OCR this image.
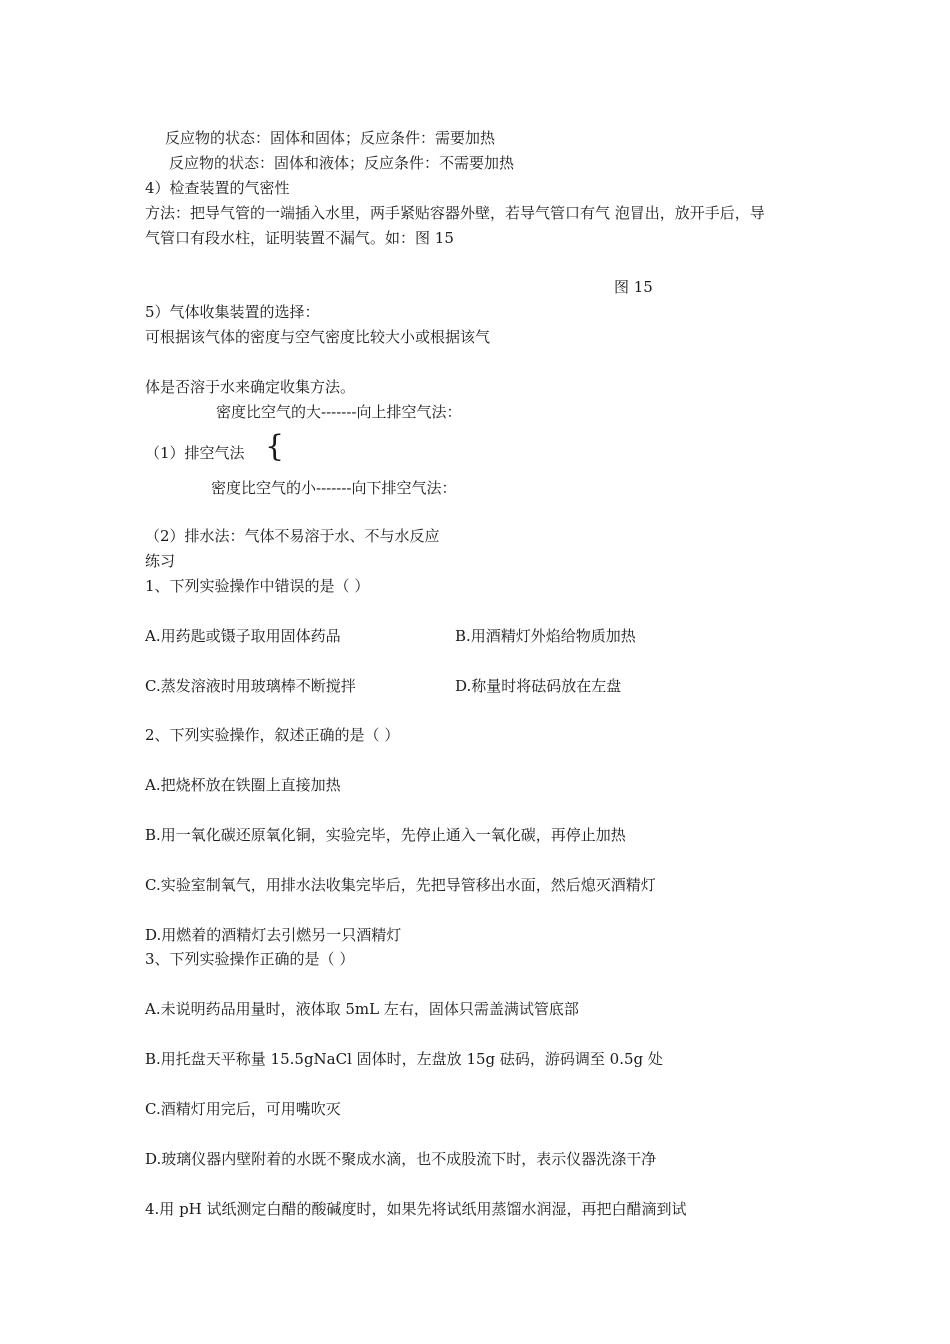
反应物的状态：固体和固体；反应条件：需要加热
反应物的状态：固体和液体；反应条件：不需要加热
4）检查装置的气密性
方法：把导气管的一端插入水里，两手紧贴容器外壁，若导气管口有气 泡冒出，放开手后，导
气管口有段水柱，证明装置不漏气。如：图 15
图 15
5）气体收集装置的选择：
可根据该气体的密度与空气密度比较大小或根据该气
体是否溶于水来确定收集方法。
密度比空气的大-------向上排空气法：
（1）排空气法 {
密度比空气的小-------向下排空气法：
（2）排水法：气体不易溶于水、不与水反应
练习
1、下列实验操作中错误的是（ ）
A.用药匙或镊子取用固体药品	B.用酒精灯外焰给物质加热
C.蒸发溶液时用玻璃棒不断搅拌	D.称量时将砝码放在左盘
2、下列实验操作，叙述正确的是（ ）
A.把烧杯放在铁圈上直接加热
B.用一氧化碳还原氧化铜，实验完毕，先停止通入一氧化碳，再停止加热
C.实验室制氧气，用排水法收集完毕后，先把导管移出水面，然后熄灭酒精灯
D.用燃着的酒精灯去引燃另一只酒精灯
3、下列实验操作正确的是（ ）
A.未说明药品用量时，液体取 5mL 左右，固体只需盖满试管底部
B.用托盘天平称量 15.5gNaCl 固体时，左盘放 15g 砝码，游码调至 0.5g 处
C.酒精灯用完后，可用嘴吹灭
D.玻璃仪器内壁附着的水既不聚成水滴，也不成股流下时，表示仪器洗涤干净
4.用 pH 试纸测定白醋的酸碱度时，如果先将试纸用蒸馏水润湿，再把白醋滴到试
